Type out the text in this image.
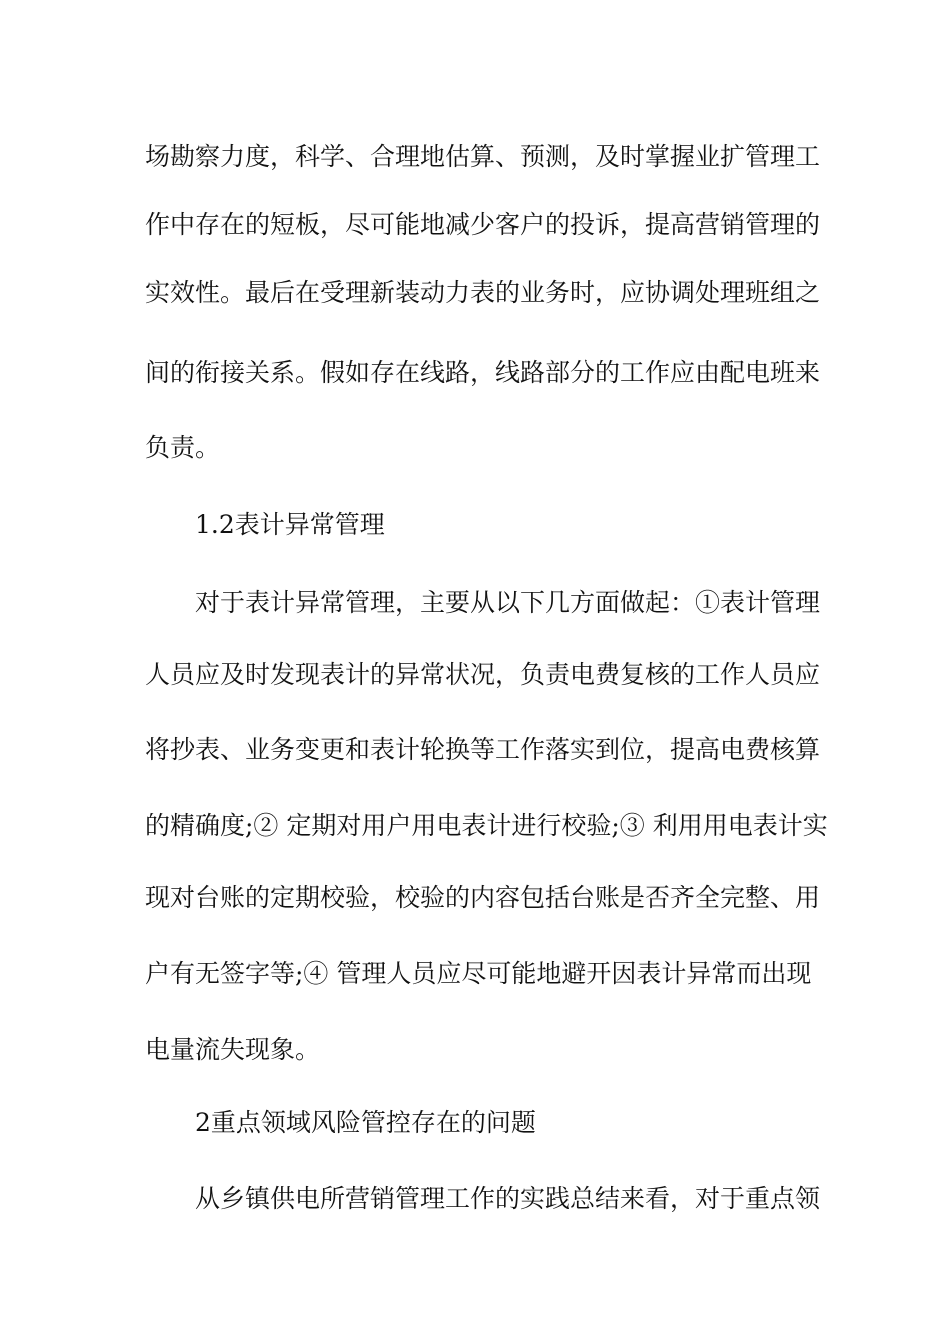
场勘察力度，科学、合理地估算、预测，及时掌握业扩管理工
作中存在的短板，尽可能地减少客户的投诉，提高营销管理的
实效性。最后在受理新装动力表的业务时，应协调处理班组之
间的衔接关系。假如存在线路，线路部分的工作应由配电班来
负责。
1.2表计异常管理
对于表计异常管理，主要从以下几方面做起：①表计管理
人员应及时发现表计的异常状况，负责电费复核的工作人员应
将抄表、业务变更和表计轮换等工作落实到位，提高电费核算
的精确度;② 定期对用户用电表计进行校验;③ 利用用电表计实
现对台账的定期校验，校验的内容包括台账是否齐全完整、用
户有无签字等;④ 管理人员应尽可能地避开因表计异常而出现
电量流失现象。
2重点领域风险管控存在的问题
从乡镇供电所营销管理工作的实践总结来看，对于重点领
